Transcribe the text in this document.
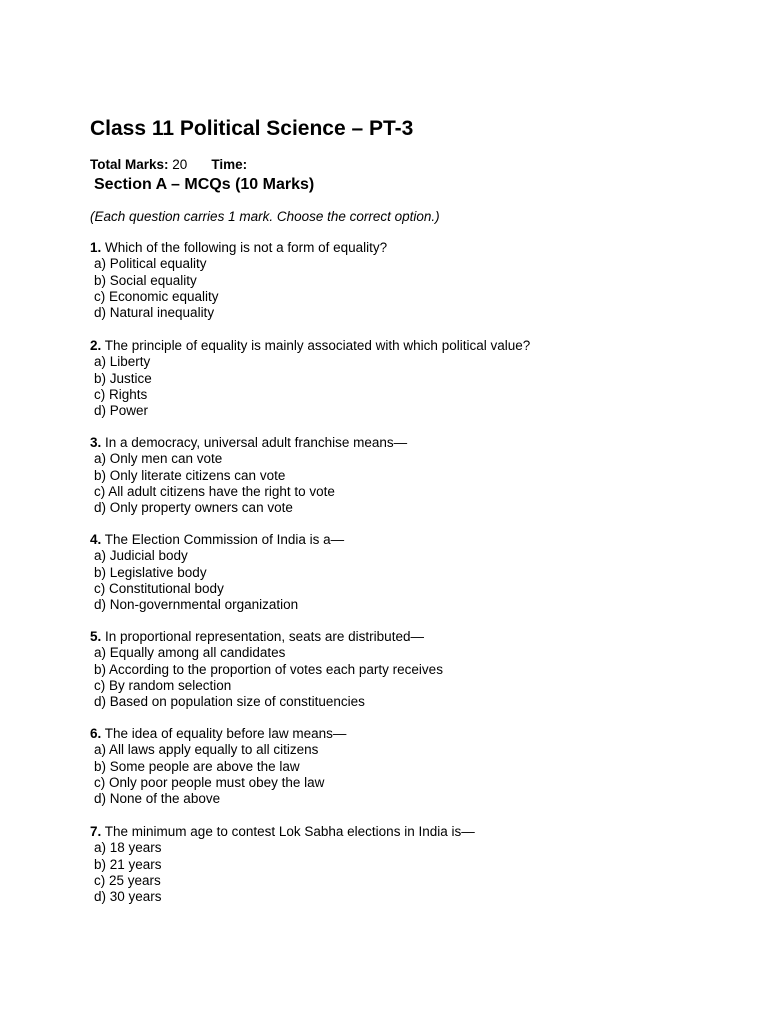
Class 11 Political Science – PT-3
Total Marks: 20 Time:
Section A – MCQs (10 Marks)
(Each question carries 1 mark. Choose the correct option.)
1. Which of the following is not a form of equality?
a) Political equality
b) Social equality
c) Economic equality
d) Natural inequality
2. The principle of equality is mainly associated with which political value?
a) Liberty
b) Justice
c) Rights
d) Power
3. In a democracy, universal adult franchise means—
a) Only men can vote
b) Only literate citizens can vote
c) All adult citizens have the right to vote
d) Only property owners can vote
4. The Election Commission of India is a—
a) Judicial body
b) Legislative body
c) Constitutional body
d) Non-governmental organization
5. In proportional representation, seats are distributed—
a) Equally among all candidates
b) According to the proportion of votes each party receives
c) By random selection
d) Based on population size of constituencies
6. The idea of equality before law means—
a) All laws apply equally to all citizens
b) Some people are above the law
c) Only poor people must obey the law
d) None of the above
7. The minimum age to contest Lok Sabha elections in India is—
a) 18 years
b) 21 years
c) 25 years
d) 30 years
